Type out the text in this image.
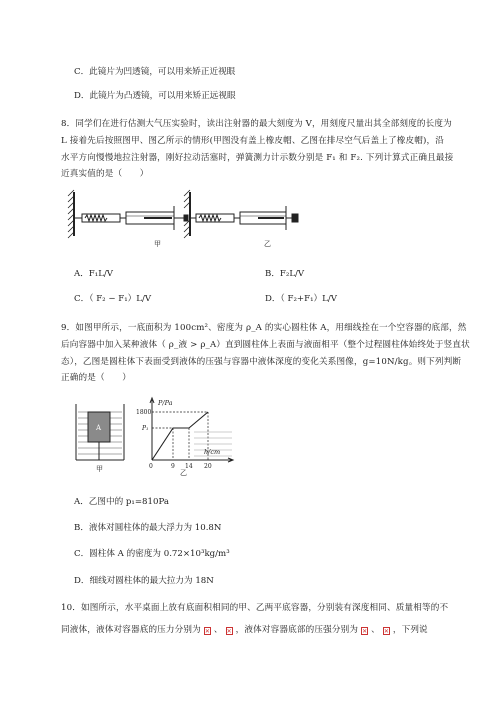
C．此镜片为凹透镜，可以用来矫正近视眼
D．此镜片为凸透镜，可以用来矫正远视眼
8．同学们在进行估测大气压实验时，读出注射器的最大刻度为 V，用刻度尺量出其全部刻度的长度为
L 接着先后按照图甲、图乙所示的情形(甲图没有盖上橡皮帽、乙图在排尽空气后盖上了橡皮帽)，沿
水平方向慢慢地拉注射器，刚好拉动活塞时，弹簧测力计示数分别是 F₁ 和 F₂. 下列计算式正确且最接
近真实值的是（　　）
甲	乙
A．F₁L/V	B．F₂L/V
C．（ F₂ − F₁）L/V	D．（ F₂+F₁）L/V
9．如图甲所示，一底面积为 100cm²、密度为 ρ_A 的实心圆柱体 A，用细线拴在一个空容器的底部，然
后向容器中加入某种液体（ ρ_液 > ρ_A）直到圆柱体上表面与液面相平（整个过程圆柱体始终处于竖直状
态），乙图是圆柱体下表面受到液体的压强与容器中液体深度的变化关系图像，g=10N/kg。则下列判断
正确的是（　　）
A
甲
P/Pa
h/cm
1800
P₁
0	9 14 20
乙
A．乙图中的 p₁=810Pa
B．液体对圆柱体的最大浮力为 10.8N
C．圆柱体 A 的密度为 0.72×10³kg/m³
D．细线对圆柱体的最大拉力为 18N
10．如图所示，水平桌面上放有底面积相同的甲、乙两平底容器，分别装有深度相同、质量相等的不
同液体，液体对容器底的压力分别为 ✕ 、 ✕ ，液体对容器底部的压强分别为 ✕ 、 ✕ ，下列说
